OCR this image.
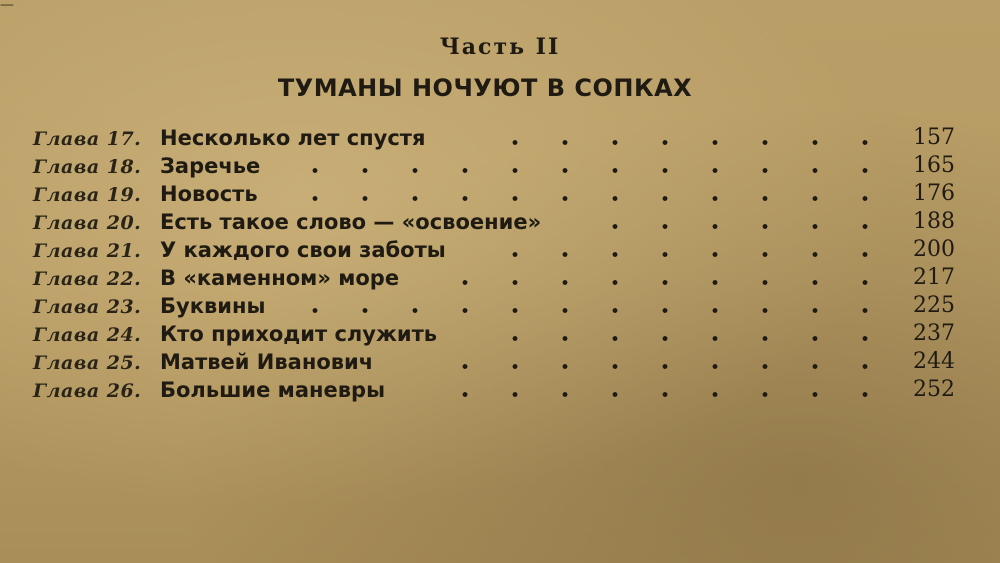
—
Часть II
ТУМАНЫ НОЧУЮТ В СОПКАХ
Глава 17. Несколько лет спустя	157
Глава 18. Заречье	165
Глава 19. Новость	176
Глава 20. Есть такое слово — «освоение»	188
Глава 21. У каждого свои заботы	200
Глава 22. В «каменном» море	217
Глава 23. Буквины	225
Глава 24. Кто приходит служить	237
Глава 25. Матвей Иванович	244
Глава 26. Большие маневры	252
